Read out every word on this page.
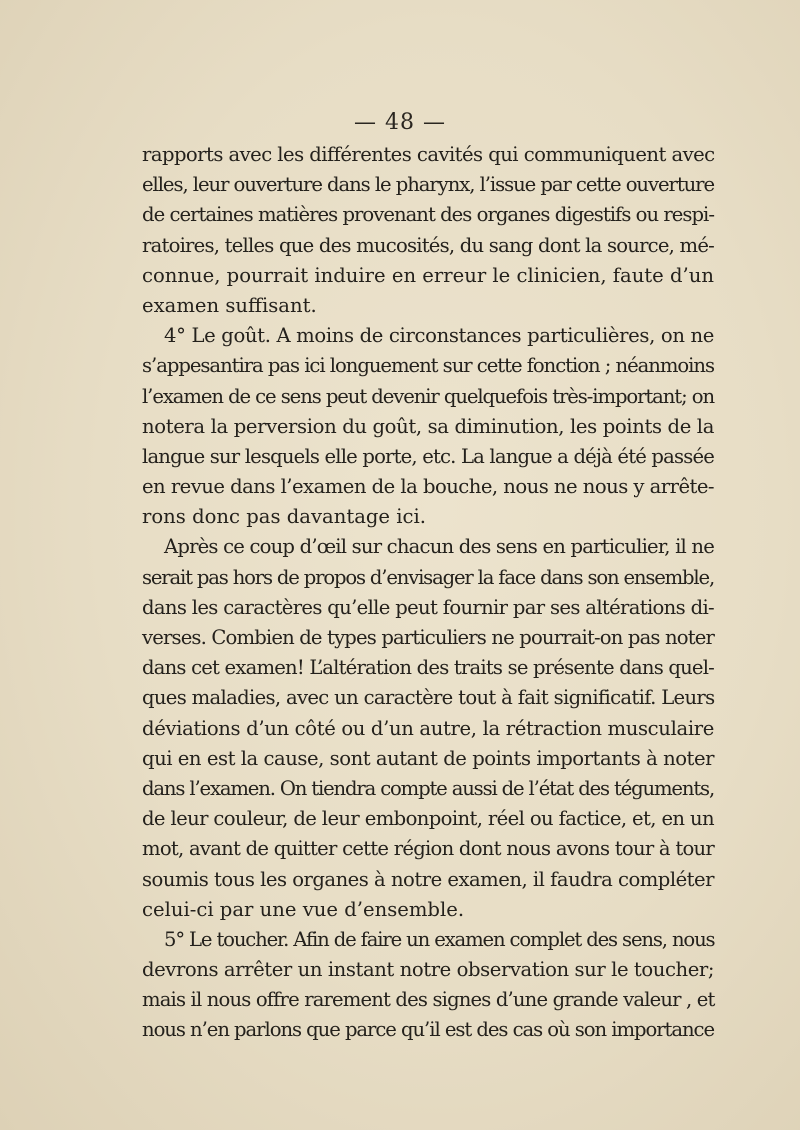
— 48 —
rapports avec les différentes cavités qui communiquent avec
elles, leur ouverture dans le pharynx, l’issue par cette ouverture
de certaines matières provenant des organes digestifs ou respi-
ratoires, telles que des mucosités, du sang dont la source, mé-
connue, pourrait induire en erreur le clinicien, faute d’un
examen suffisant.
4° Le goût. A moins de circonstances particulières, on ne
s’appesantira pas ici longuement sur cette fonction ; néanmoins
l’examen de ce sens peut devenir quelquefois très-important; on
notera la perversion du goût, sa diminution, les points de la
langue sur lesquels elle porte, etc. La langue a déjà été passée
en revue dans l’examen de la bouche, nous ne nous y arrête-
rons donc pas davantage ici.
Après ce coup d’œil sur chacun des sens en particulier, il ne
serait pas hors de propos d’envisager la face dans son ensemble,
dans les caractères qu’elle peut fournir par ses altérations di-
verses. Combien de types particuliers ne pourrait-on pas noter
dans cet examen! L’altération des traits se présente dans quel-
ques maladies, avec un caractère tout à fait significatif. Leurs
déviations d’un côté ou d’un autre, la rétraction musculaire
qui en est la cause, sont autant de points importants à noter
dans l’examen. On tiendra compte aussi de l’état des téguments,
de leur couleur, de leur embonpoint, réel ou factice, et, en un
mot, avant de quitter cette région dont nous avons tour à tour
soumis tous les organes à notre examen, il faudra compléter
celui-ci par une vue d’ensemble.
5° Le toucher. Afin de faire un examen complet des sens, nous
devrons arrêter un instant notre observation sur le toucher;
mais il nous offre rarement des signes d’une grande valeur , et
nous n’en parlons que parce qu’il est des cas où son importance
